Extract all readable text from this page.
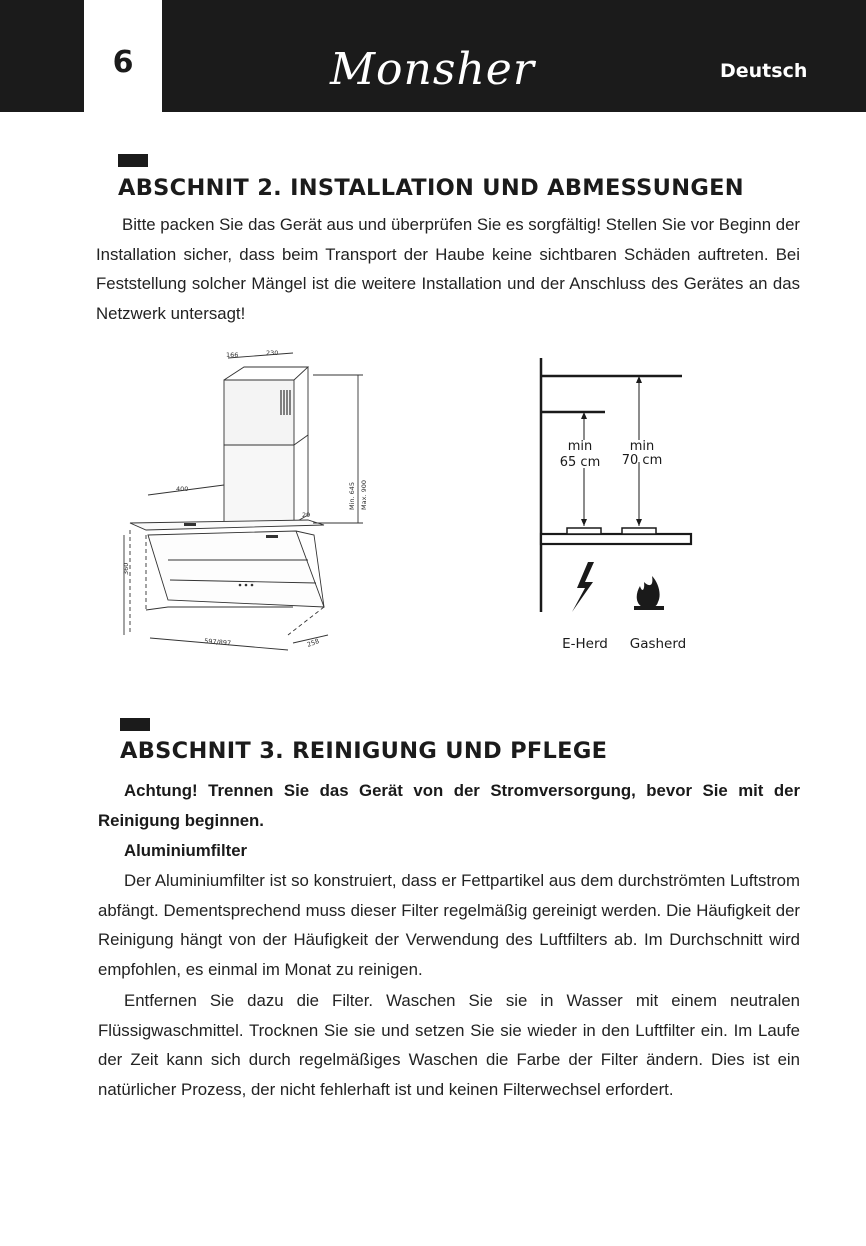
6	Monsher	Deutsch
ABSCHNIT 2. INSTALLATION UND ABMESSUNGEN

Bitte packen Sie das Gerät aus und überprüfen Sie es sorgfältig! Stellen Sie vor Beginn der Installation sicher, dass beim Transport der Haube keine sichtbaren Schäden auftreten. Bei Feststellung solcher Mängel ist die weitere Installation und der Anschluss des Gerätes an das Netzwerk untersagt!

166	230
400	Min. 645 Max. 900
360
597/897	258
29
min
65 cm
min
70 cm
E-Herd Gasherd
ABSCHNIT 3. REINIGUNG UND PFLEGE

Achtung! Trennen Sie das Gerät von der Stromversorgung, bevor Sie mit der Reinigung beginnen.

Aluminiumfilter

Der Aluminiumfilter ist so konstruiert, dass er Fettpartikel aus dem durchströmten Luftstrom abfängt. Dementsprechend muss dieser Filter regelmäßig gereinigt werden. Die Häufigkeit der Reinigung hängt von der Häufigkeit der Verwendung des Luftfilters ab. Im Durchschnitt wird empfohlen, es einmal im Monat zu reinigen.

Entfernen Sie dazu die Filter. Waschen Sie sie in Wasser mit einem neutralen Flüssigwaschmittel. Trocknen Sie sie und setzen Sie sie wieder in den Luftfilter ein. Im Laufe der Zeit kann sich durch regelmäßiges Waschen die Farbe der Filter ändern. Dies ist ein natürlicher Prozess, der nicht fehlerhaft ist und keinen Filterwechsel erfordert.
